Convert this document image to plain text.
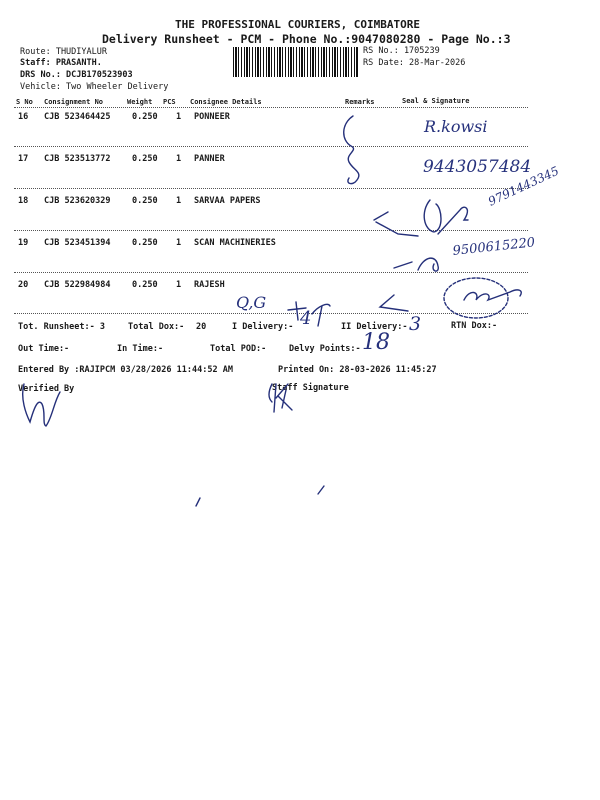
THE PROFESSIONAL COURIERS, COIMBATORE
Delivery Runsheet - PCM - Phone No.:9047080280 - Page No.:3
Route: THUDIYALUR
Staff: PRASANTH.
DRS No.: DCJB170523903
Vehicle: Two Wheeler Delivery
RS No.: 1705239
RS Date: 28-Mar-2026
S No Consignment No	Weight PCS Consignee Details	Remarks	Seal & Signature
16 CJB 523464425	0.250 1 PONNEER
17 CJB 523513772	0.250 1 PANNER
18 CJB 523620329	0.250 1 SARVAA PAPERS
19 CJB 523451394	0.250 1 SCAN MACHINERIES
20 CJB 522984984	0.250 1 RAJESH
R.kowsi
9443057484
9791443345
9500615220
Q,G
Tot. Runsheet:- 3	Total Dox:- 20	I Delivery:- 4	II Delivery:- 3	RTN Dox:-
Out Time:-	In Time:-	Total POD:-	Delvy Points:- 18
Entered By :RAJIPCM 03/28/2026 11:44:52 AM	Printed On: 28-03-2026 11:45:27
Verified By	Staff Signature
